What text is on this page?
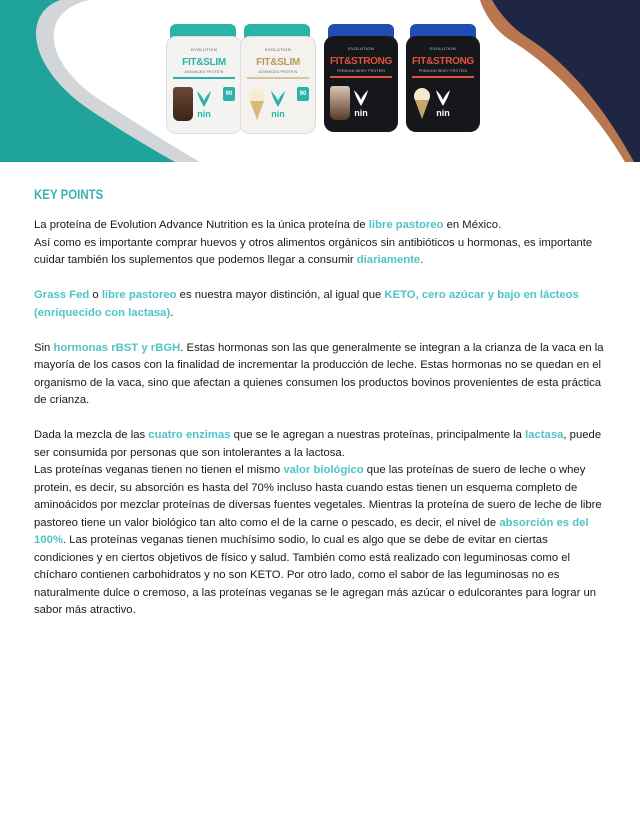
EVOLUTION
FIT&SLIM
ADVANCED PROTEIN
nin
90
EVOLUTION
FIT&SLIM
ADVANCED PROTEIN
nin
90
EVOLUTION
FIT&STRONG
PREMIUM WHEY PROTEIN
nin
EVOLUTION
FIT&STRONG
PREMIUM WHEY PROTEIN
nin
KEY POINTS

La proteína de Evolution Advance Nutrition es la única proteína de libre pastoreo en México.

Así como es importante comprar huevos y otros alimentos orgánicos sin antibióticos u hormonas, es importante cuidar también los suplementos que podemos llegar a consumir diariamente.

Grass Fed o libre pastoreo es nuestra mayor distinción, al igual que KETO, cero azúcar y bajo en lácteos (enriquecido con lactasa).

Sin hormonas rBST y rBGH. Estas hormonas son las que generalmente se integran a la crianza de la vaca en la mayoría de los casos con la finalidad de incrementar la producción de leche. Estas hormonas no se quedan en el organismo de la vaca, sino que afectan a quienes consumen los productos bovinos provenientes de esta práctica de crianza.

Dada la mezcla de las cuatro enzimas que se le agregan a nuestras proteínas, principalmente la lactasa, puede ser consumida por personas que son intolerantes a la lactosa.

Las proteínas veganas tienen no tienen el mismo valor biológico que las proteínas de suero de leche o whey protein, es decir, su absorción es hasta del 70% incluso hasta cuando estas tienen un esquema completo de aminoácidos por mezclar proteínas de diversas fuentes vegetales. Mientras la proteína de suero de leche de libre pastoreo tiene un valor biológico tan alto como el de la carne o pescado, es decir, el nivel de absorción es del 100%. Las proteínas veganas tienen muchísimo sodio, lo cual es algo que se debe de evitar en ciertas condiciones y en ciertos objetivos de físico y salud. También como está realizado con leguminosas como el chícharo contienen carbohidratos y no son KETO. Por otro lado, como el sabor de las leguminosas no es naturalmente dulce o cremoso, a las proteínas veganas se le agregan más azúcar o edulcorantes para lograr un sabor más atractivo.
